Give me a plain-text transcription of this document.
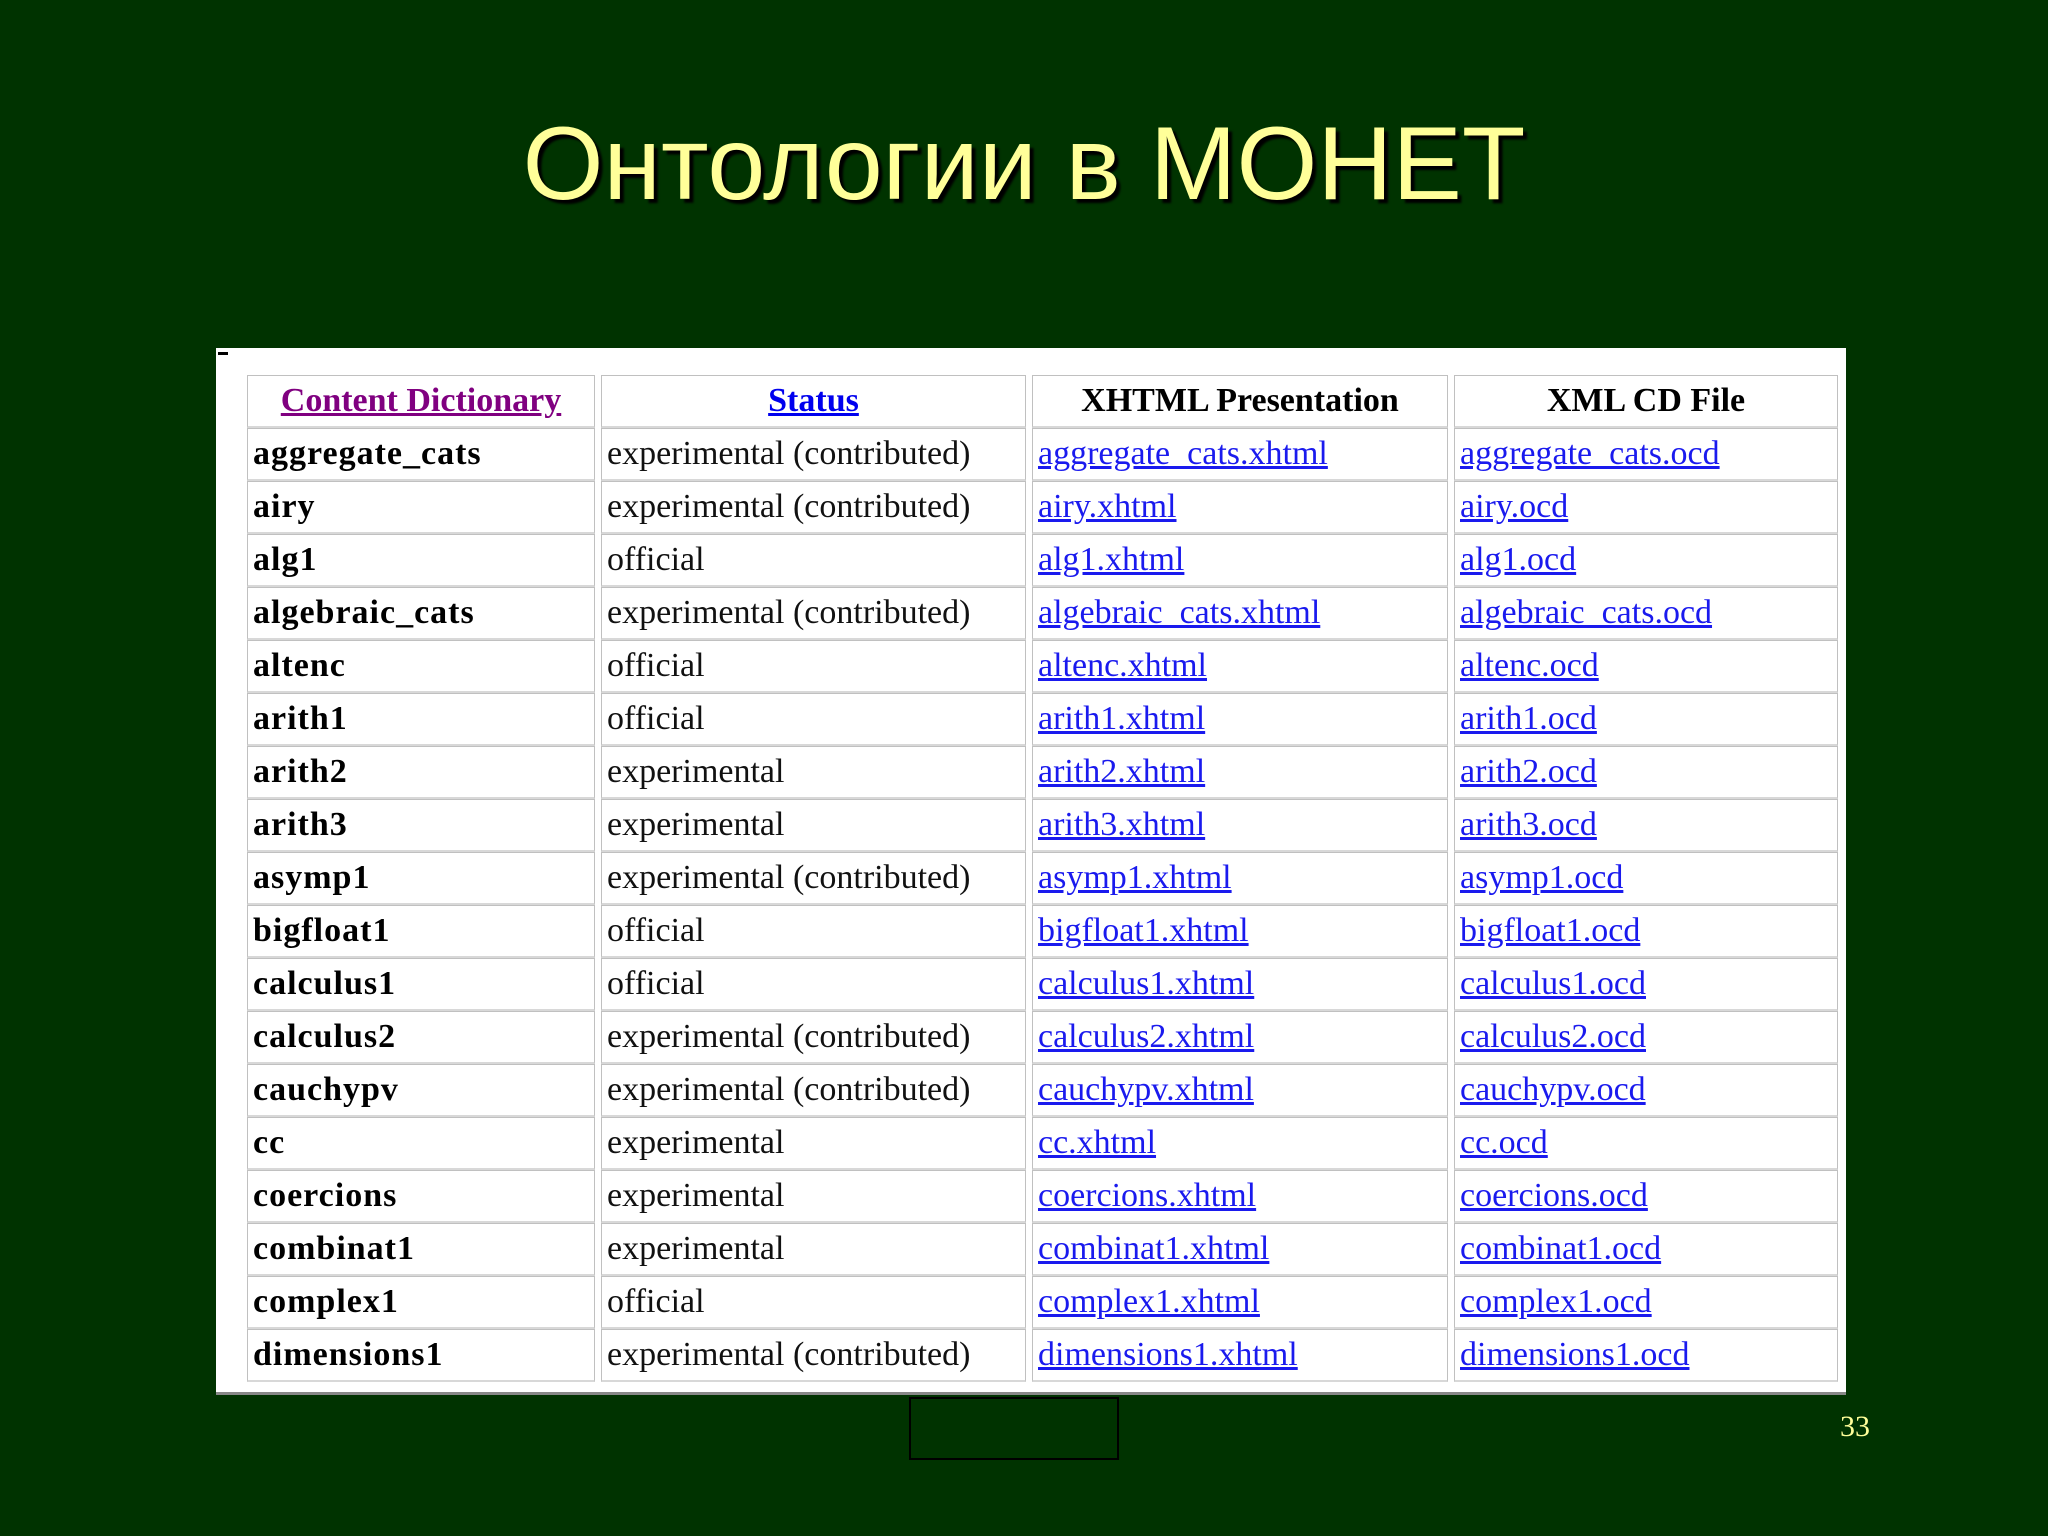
Онтологии в МОНЕТ
Content Dictionary	Status	XHTML Presentation	XML CD File
aggregate_cats	experimental (contributed)	aggregate_cats.xhtml	aggregate_cats.ocd
airy	experimental (contributed)	airy.xhtml	airy.ocd
alg1	official	alg1.xhtml	alg1.ocd
algebraic_cats	experimental (contributed)	algebraic_cats.xhtml	algebraic_cats.ocd
altenc	official	altenc.xhtml	altenc.ocd
arith1	official	arith1.xhtml	arith1.ocd
arith2	experimental	arith2.xhtml	arith2.ocd
arith3	experimental	arith3.xhtml	arith3.ocd
asymp1	experimental (contributed)	asymp1.xhtml	asymp1.ocd
bigfloat1	official	bigfloat1.xhtml	bigfloat1.ocd
calculus1	official	calculus1.xhtml	calculus1.ocd
calculus2	experimental (contributed)	calculus2.xhtml	calculus2.ocd
cauchypv	experimental (contributed)	cauchypv.xhtml	cauchypv.ocd
cc	experimental	cc.xhtml	cc.ocd
coercions	experimental	coercions.xhtml	coercions.ocd
combinat1	experimental	combinat1.xhtml	combinat1.ocd
complex1	official	complex1.xhtml	complex1.ocd
dimensions1	experimental (contributed)	dimensions1.xhtml	dimensions1.ocd
33
